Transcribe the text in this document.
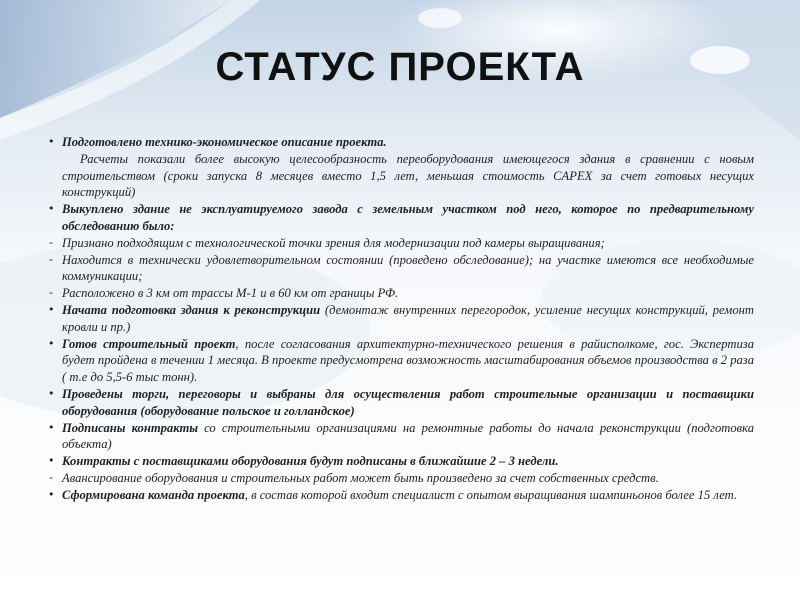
СТАТУС ПРОЕКТА
• Подготовлено технико-экономическое описание проекта.
Расчеты показали более высокую целесообразность переоборудования имеющегося здания в сравнении с новым строительством (сроки запуска 8 месяцев вместо 1,5 лет, меньшая стоимость CAPEX за счет готовых несущих конструкций)
• Выкуплено здание не эксплуатируемого завода с земельным участком под него, которое по предварительному обследованию было:
- Признано подходящим с технологической точки зрения для модернизации под камеры выращивания;
- Находится в технически удовлетворительном состоянии (проведено обследование); на участке имеются все необходимые коммуникации;
- Расположено в 3 км от трассы М-1 и в 60 км от границы РФ.
• Начата подготовка здания к реконструкции (демонтаж внутренних перегородок, усиление несущих конструкций, ремонт кровли и пр.)
• Готов строительный проект, после согласования архитектурно-технического решения в райисполкоме, гос. Экспертиза будет пройдена в течении 1 месяца. В проекте предусмотрена возможность масштабирования объемов производства в 2 раза ( т.е до 5,5-6 тыс тонн).
• Проведены торги, переговоры и выбраны для осуществления работ строительные организации и поставщики оборудования (оборудование польское и голландское)
• Подписаны контракты со строительными организациями на ремонтные работы до начала реконструкции (подготовка объекта)
• Контракты с поставщиками оборудования будут подписаны в ближайшие 2 – 3 недели.
- Авансирование оборудования и строительных работ может быть произведено за счет собственных средств.
• Сформирована команда проекта, в состав которой входит специалист с опытом выращивания шампиньонов более 15 лет.
